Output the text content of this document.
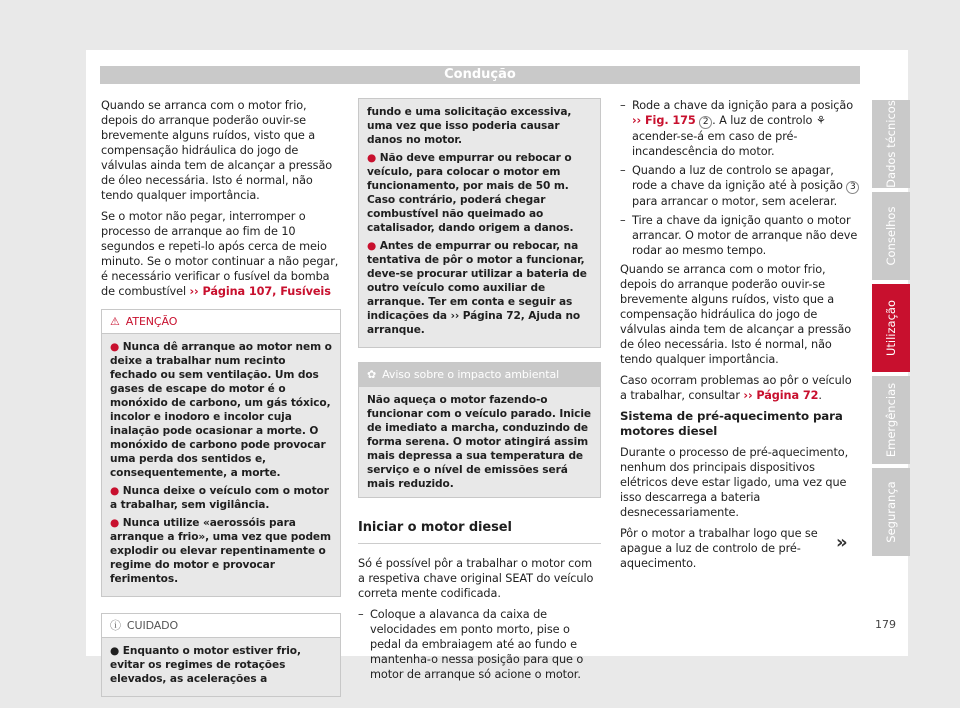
Condução

Quando se arranca com o motor frio, depois do arranque poderão ouvir-se brevemente alguns ruídos, visto que a compensação hidráulica do jogo de válvulas ainda tem de alcançar a pressão de óleo necessária. Isto é normal, não tendo qualquer importância.

Se o motor não pegar, interromper o processo de arranque ao fim de 10 segundos e repeti-lo após cerca de meio minuto. Se o motor continuar a não pegar, é necessário verificar o fusível da bomba de combustível ›› Página 107, Fusíveis

⚠ ATENÇÃO
● Nunca dê arranque ao motor nem o deixe a trabalhar num recinto fechado ou sem ventilação. Um dos gases de escape do motor é o monóxido de carbono, um gás tóxico, incolor e inodoro e incolor cuja inalação pode ocasionar a morte. O monóxido de carbono pode provocar uma perda dos sentidos e, consequentemente, a morte.
● Nunca deixe o veículo com o motor a trabalhar, sem vigilância.
● Nunca utilize «aerossóis para arranque a frio», uma vez que podem explodir ou elevar repentinamente o regime do motor e provocar ferimentos.
ⓘ CUIDADO
● Enquanto o motor estiver frio, evitar os regimes de rotações elevados, as acelerações a
fundo e uma solicitação excessiva, uma vez que isso poderia causar danos no motor.
● Não deve empurrar ou rebocar o veículo, para colocar o motor em funcionamento, por mais de 50 m. Caso contrário, poderá chegar combustível não queimado ao catalisador, dando origem a danos.
● Antes de empurrar ou rebocar, na tentativa de pôr o motor a funcionar, deve-se procurar utilizar a bateria de outro veículo como auxiliar de arranque. Ter em conta e seguir as indicações da ›› Página 72, Ajuda no arranque.
✿ Aviso sobre o impacto ambiental
Não aqueça o motor fazendo-o funcionar com o veículo parado. Inicie de imediato a marcha, conduzindo de forma serena. O motor atingirá assim mais depressa a sua temperatura de serviço e o nível de emissões será mais reduzido.
Iniciar o motor diesel

Só é possível pôr a trabalhar o motor com a respetiva chave original SEAT do veículo correta mente codificada.

– Coloque a alavanca da caixa de velocidades em ponto morto, pise o pedal da embraiagem até ao fundo e mantenha-o nessa posição para que o motor de arranque só acione o motor.
– Rode a chave da ignição para a posição ›› Fig. 175 2 . A luz de controlo ⚘ acender-se-á em caso de pré-incandescência do motor.
– Quando a luz de controlo se apagar, rode a chave da ignição até à posição 3 para arrancar o motor, sem acelerar.
– Tire a chave da ignição quanto o motor arrancar. O motor de arranque não deve rodar ao mesmo tempo.

Quando se arranca com o motor frio, depois do arranque poderão ouvir-se brevemente alguns ruídos, visto que a compensação hidráulica do jogo de válvulas ainda tem de alcançar a pressão de óleo necessária. Isto é normal, não tendo qualquer importância.

Caso ocorram problemas ao pôr o veículo a trabalhar, consultar ›› Página 72.

Sistema de pré-aquecimento para motores diesel

Durante o processo de pré-aquecimento, nenhum dos principais dispositivos elétricos deve estar ligado, uma vez que isso descarrega a bateria desnecessariamente.

Pôr o motor a trabalhar logo que se apague a luz de controlo de pré-aquecimento.

»
Dados técnicos
Conselhos
Utilização
Emergências
Segurança
179
